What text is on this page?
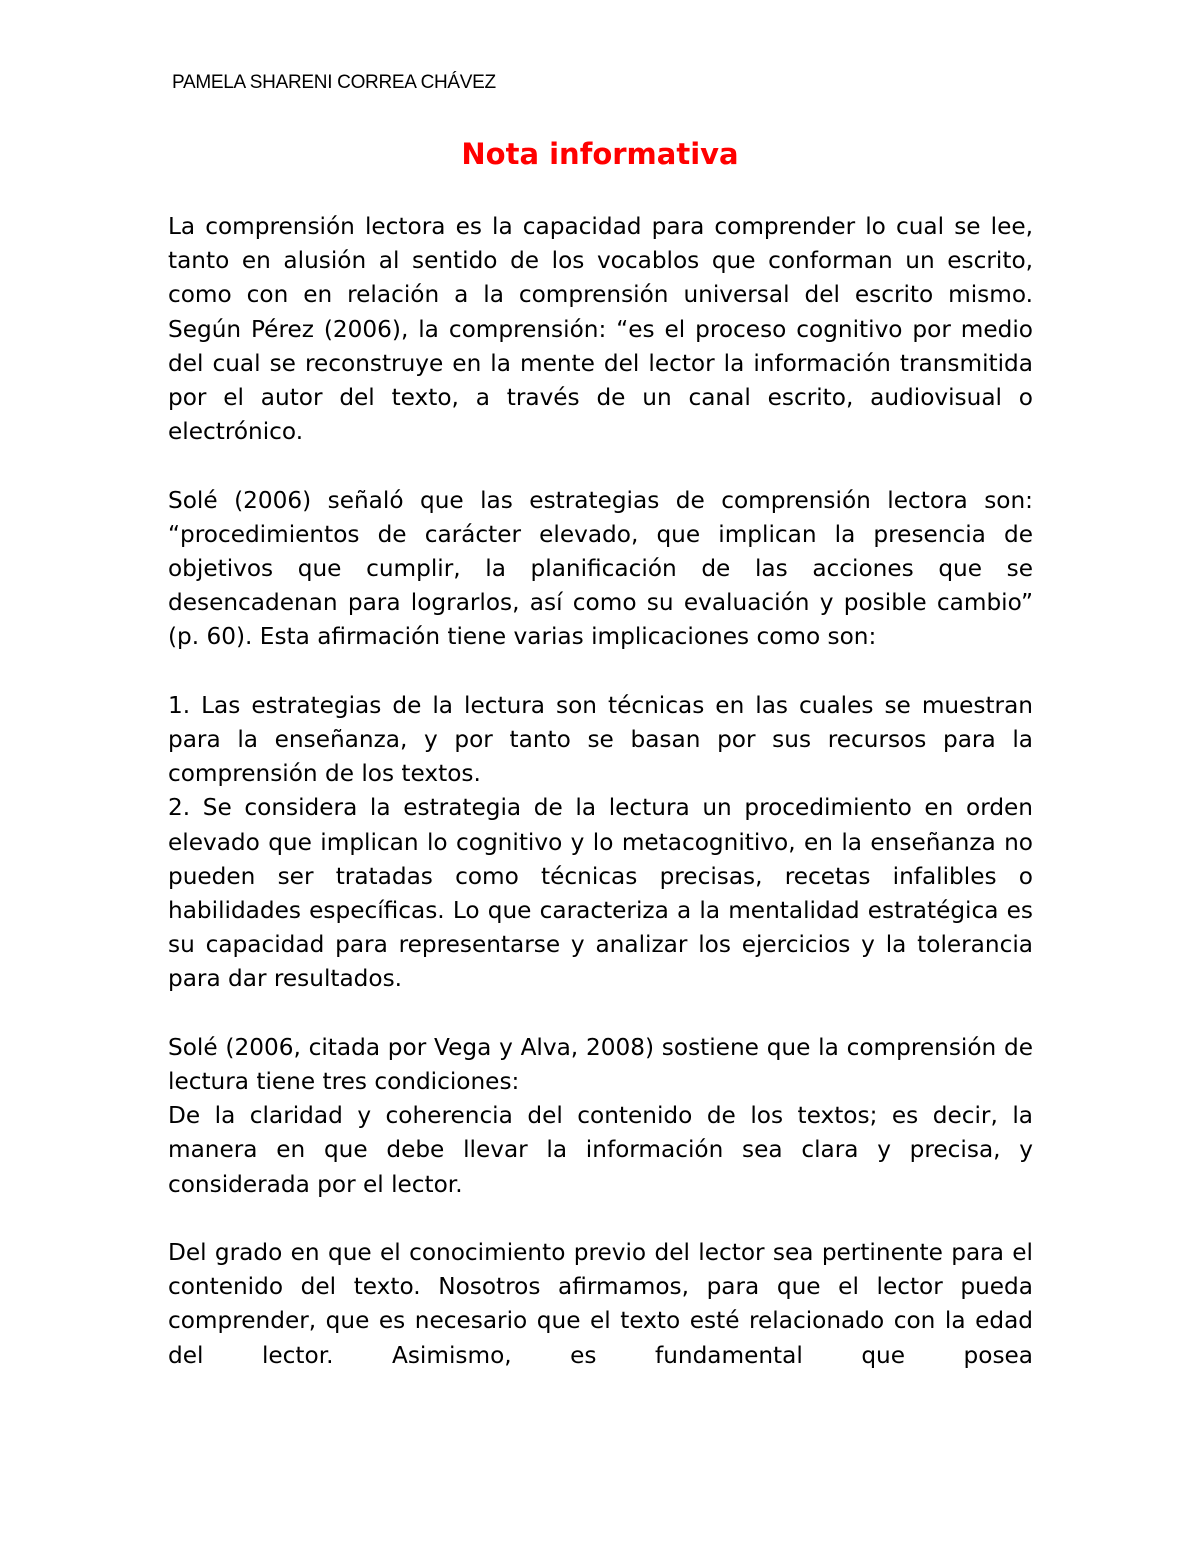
PAMELA SHARENI CORREA CHÁVEZ
Nota informativa

La comprensión lectora es la capacidad para comprender lo cual se lee, tanto en alusión al sentido de los vocablos que conforman un escrito, como con en relación a la comprensión universal del escrito mismo. Según Pérez (2006), la comprensión: “es el proceso cognitivo por medio del cual se reconstruye en la mente del lector la información transmitida por el autor del texto, a través de un canal escrito, audiovisual o electrónico.

Solé (2006) señaló que las estrategias de comprensión lectora son: “procedimientos de carácter elevado, que implican la presencia de objetivos que cumplir, la planificación de las acciones que se desencadenan para lograrlos, así como su evaluación y posible cambio” (p. 60). Esta afirmación tiene varias implicaciones como son:

1. Las estrategias de la lectura son técnicas en las cuales se muestran para la enseñanza, y por tanto se basan por sus recursos para la comprensión de los textos.

2. Se considera la estrategia de la lectura un procedimiento en orden elevado que implican lo cognitivo y lo metacognitivo, en la enseñanza no pueden ser tratadas como técnicas precisas, recetas infalibles o habilidades específicas. Lo que caracteriza a la mentalidad estratégica es su capacidad para representarse y analizar los ejercicios y la tolerancia para dar resultados.

Solé (2006, citada por Vega y Alva, 2008) sostiene que la comprensión de lectura tiene tres condiciones:

De la claridad y coherencia del contenido de los textos; es decir, la manera en que debe llevar la información sea clara y precisa, y considerada por el lector.

Del grado en que el conocimiento previo del lector sea pertinente para el contenido del texto. Nosotros afirmamos, para que el lector pueda comprender, que es necesario que el texto esté relacionado con la edad del lector. Asimismo, es fundamental que posea
